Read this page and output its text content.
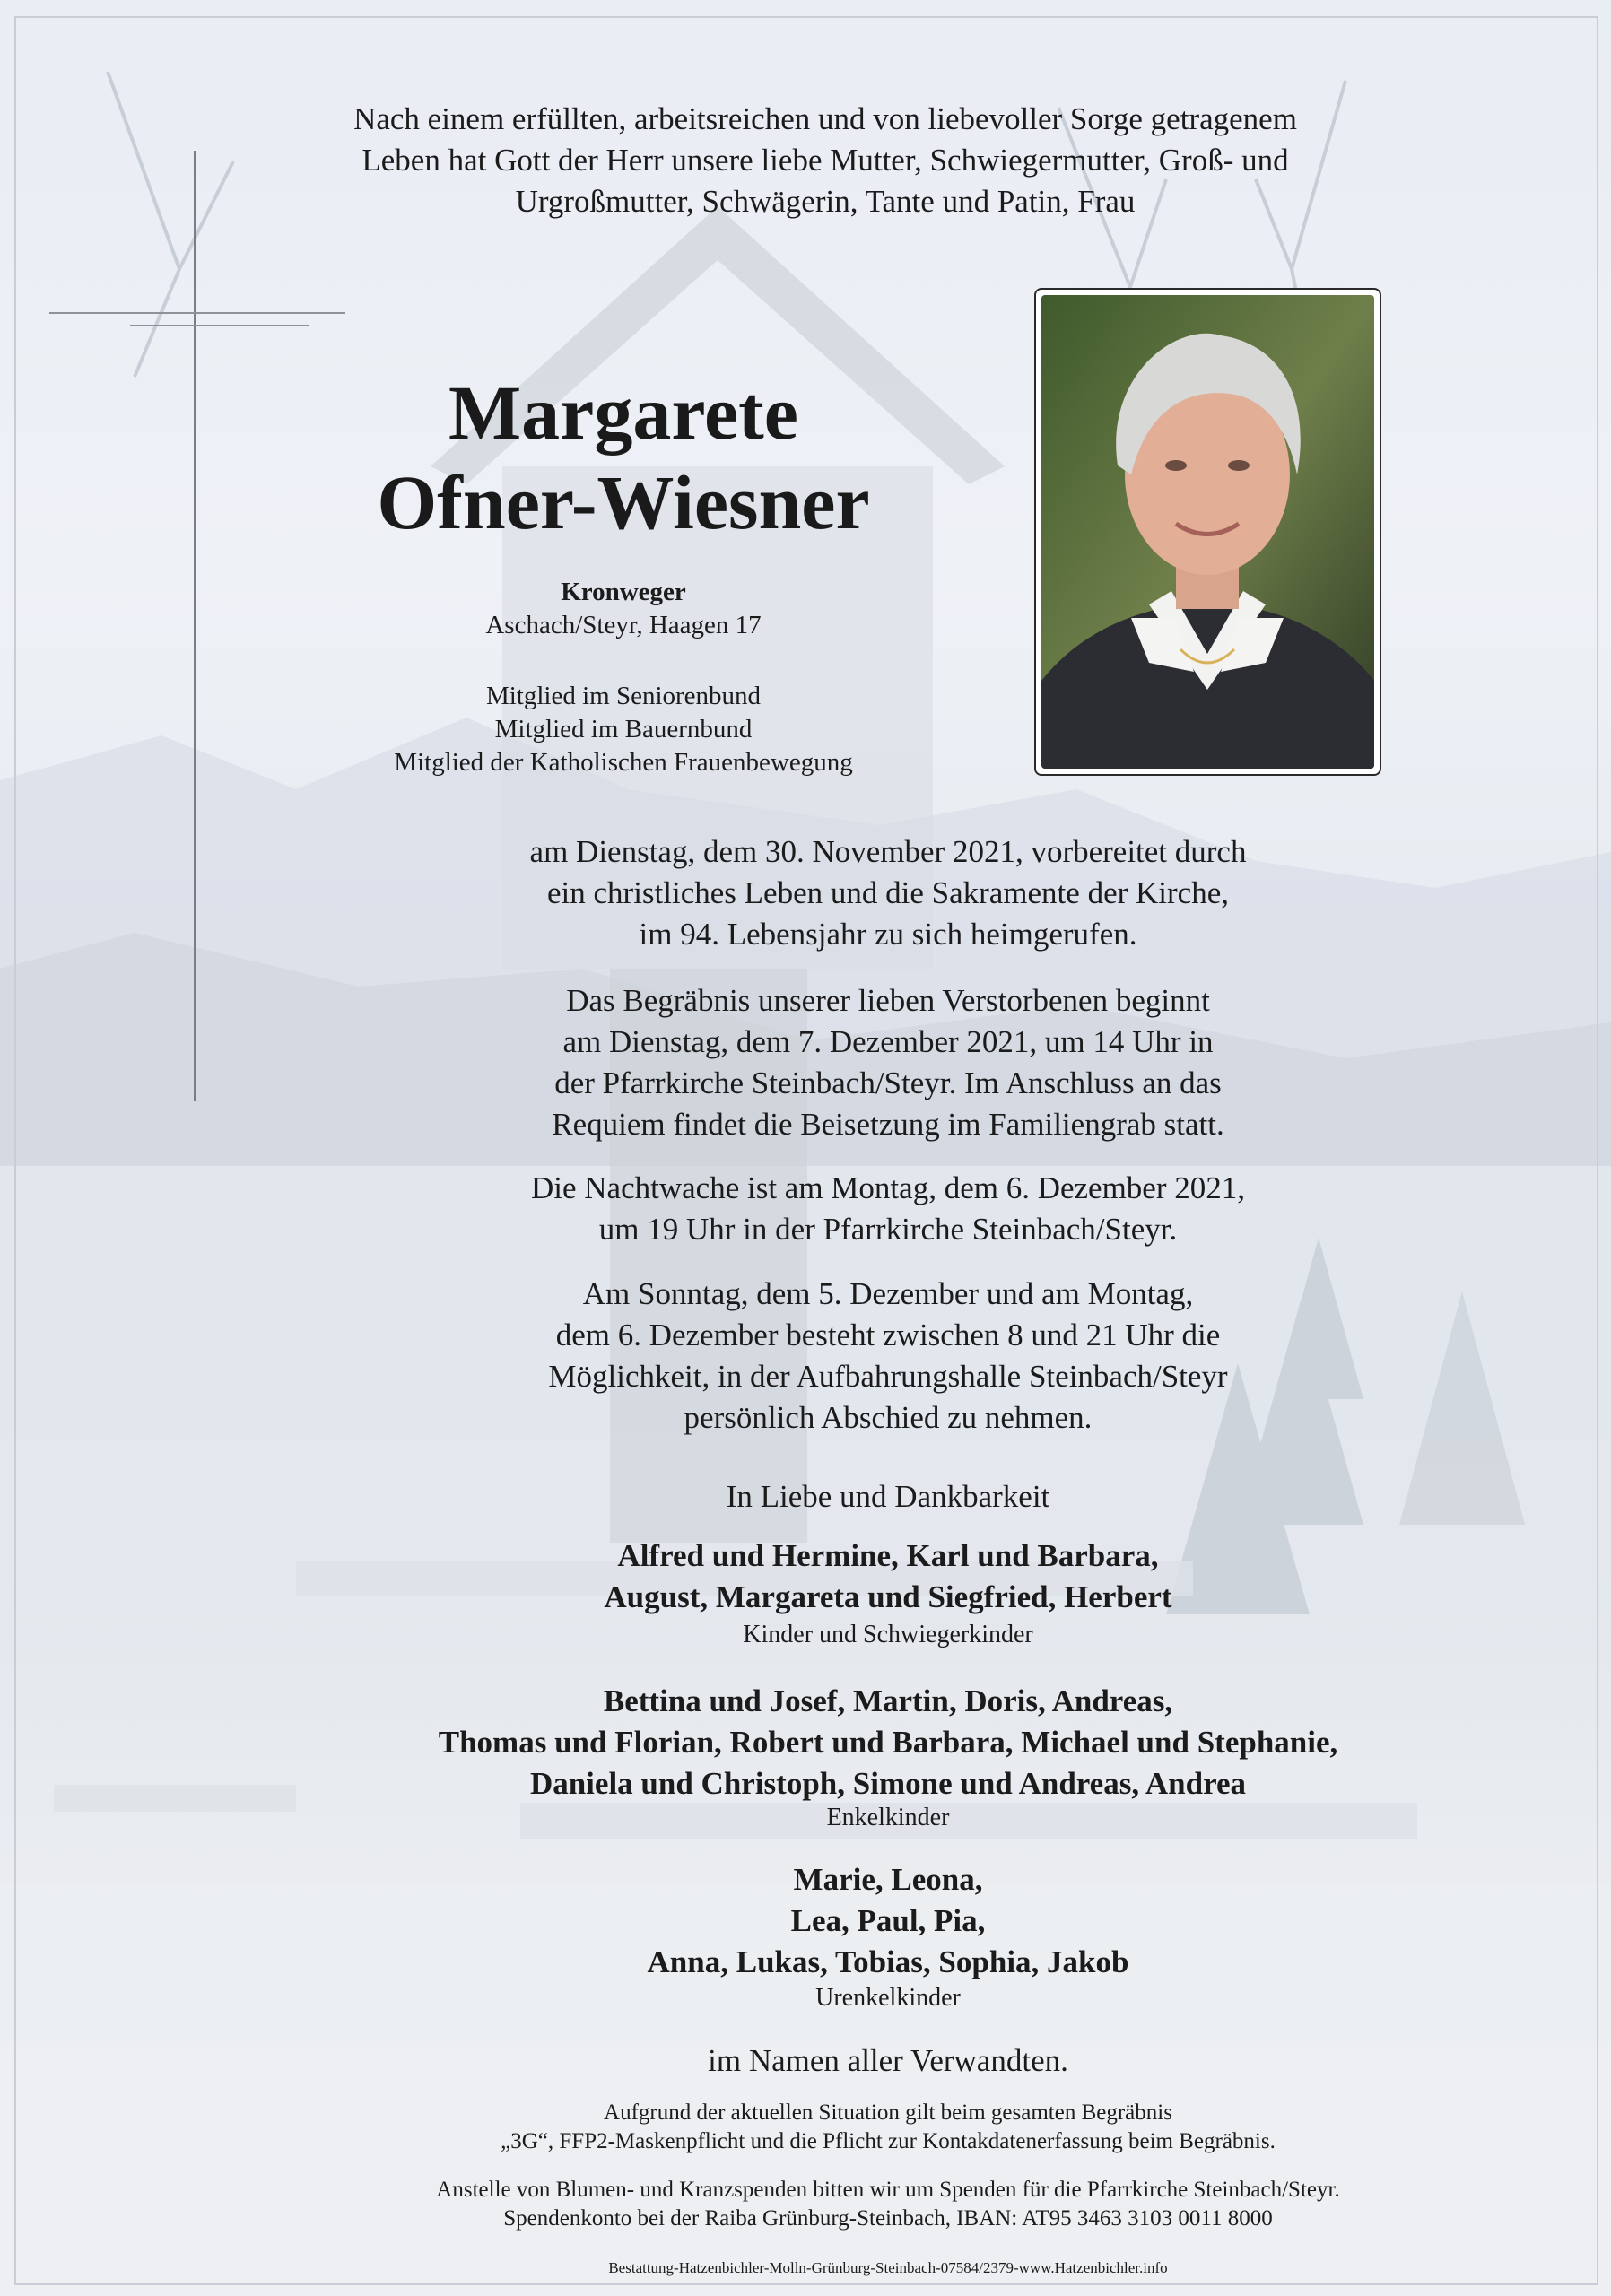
Nach einem erfüllten, arbeitsreichen und von liebevoller Sorge getragenem
Leben hat Gott der Herr unsere liebe Mutter, Schwiegermutter, Groß- und
Urgroßmutter, Schwägerin, Tante und Patin, Frau
Margarete
Ofner-Wiesner
Kronweger
Aschach/Steyr, Haagen 17
Mitglied im Seniorenbund
Mitglied im Bauernbund
Mitglied der Katholischen Frauenbewegung
am Dienstag, dem 30. November 2021, vorbereitet durch
ein christliches Leben und die Sakramente der Kirche,
im 94. Lebensjahr zu sich heimgerufen.
Das Begräbnis unserer lieben Verstorbenen beginnt
am Dienstag, dem 7. Dezember 2021, um 14 Uhr in
der Pfarrkirche Steinbach/Steyr. Im Anschluss an das
Requiem findet die Beisetzung im Familiengrab statt.
Die Nachtwache ist am Montag, dem 6. Dezember 2021,
um 19 Uhr in der Pfarrkirche Steinbach/Steyr.
Am Sonntag, dem 5. Dezember und am Montag,
dem 6. Dezember besteht zwischen 8 und 21 Uhr die
Möglichkeit, in der Aufbahrungshalle Steinbach/Steyr
persönlich Abschied zu nehmen.
In Liebe und Dankbarkeit
Alfred und Hermine, Karl und Barbara,
August, Margareta und Siegfried, Herbert
Kinder und Schwiegerkinder
Bettina und Josef, Martin, Doris, Andreas,
Thomas und Florian, Robert und Barbara, Michael und Stephanie,
Daniela und Christoph, Simone und Andreas, Andrea
Enkelkinder
Marie, Leona,
Lea, Paul, Pia,
Anna, Lukas, Tobias, Sophia, Jakob
Urenkelkinder
im Namen aller Verwandten.
Aufgrund der aktuellen Situation gilt beim gesamten Begräbnis
„3G“, FFP2-Maskenpflicht und die Pflicht zur Kontakdatenerfassung beim Begräbnis.
Anstelle von Blumen- und Kranzspenden bitten wir um Spenden für die Pfarrkirche Steinbach/Steyr.
Spendenkonto bei der Raiba Grünburg-Steinbach, IBAN: AT95 3463 3103 0011 8000
Bestattung-Hatzenbichler-Molln-Grünburg-Steinbach-07584/2379-www.Hatzenbichler.info
